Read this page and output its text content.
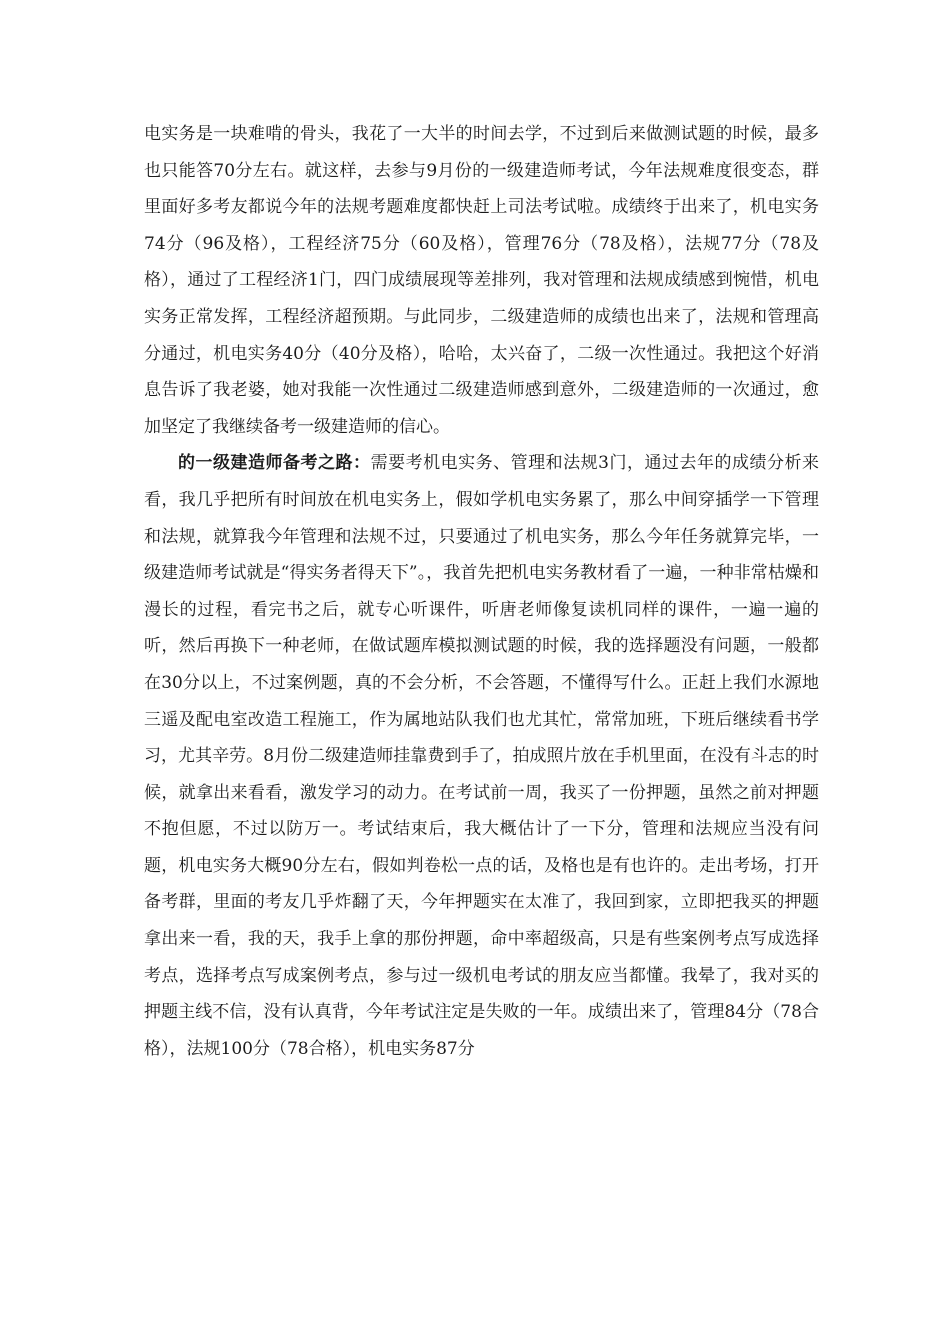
电实务是一块难啃的骨头，我花了一大半的时间去学，不过到后来做测试题的时候，最多也只能答70分左右。就这样，去参与9月份的一级建造师考试，今年法规难度很变态，群里面好多考友都说今年的法规考题难度都快赶上司法考试啦。成绩终于出来了，机电实务74分（96及格），工程经济75分（60及格），管理76分（78及格），法规77分（78及格），通过了工程经济1门，四门成绩展现等差排列，我对管理和法规成绩感到惋惜，机电实务正常发挥，工程经济超预期。与此同步，二级建造师的成绩也出来了，法规和管理高分通过，机电实务40分（40分及格），哈哈，太兴奋了，二级一次性通过。我把这个好消息告诉了我老婆，她对我能一次性通过二级建造师感到意外，二级建造师的一次通过，愈加坚定了我继续备考一级建造师的信心。

的一级建造师备考之路：需要考机电实务、管理和法规3门，通过去年的成绩分析来看，我几乎把所有时间放在机电实务上，假如学机电实务累了，那么中间穿插学一下管理和法规，就算我今年管理和法规不过，只要通过了机电实务，那么今年任务就算完毕，一级建造师考试就是“得实务者得天下”。，我首先把机电实务教材看了一遍，一种非常枯燥和漫长的过程，看完书之后，就专心听课件，听唐老师像复读机同样的课件，一遍一遍的听，然后再换下一种老师，在做试题库模拟测试题的时候，我的选择题没有问题，一般都在30分以上，不过案例题，真的不会分析，不会答题，不懂得写什么。正赶上我们水源地三遥及配电室改造工程施工，作为属地站队我们也尤其忙，常常加班，下班后继续看书学习，尤其辛劳。8月份二级建造师挂靠费到手了，拍成照片放在手机里面，在没有斗志的时候，就拿出来看看，激发学习的动力。在考试前一周，我买了一份押题，虽然之前对押题不抱但愿，不过以防万一。考试结束后，我大概估计了一下分，管理和法规应当没有问题，机电实务大概90分左右，假如判卷松一点的话，及格也是有也许的。走出考场，打开备考群，里面的考友几乎炸翻了天，今年押题实在太准了，我回到家，立即把我买的押题拿出来一看，我的天，我手上拿的那份押题，命中率超级高，只是有些案例考点写成选择考点，选择考点写成案例考点，参与过一级机电考试的朋友应当都懂。我晕了，我对买的押题主线不信，没有认真背，今年考试注定是失败的一年。成绩出来了，管理84分（78合格），法规100分（78合格），机电实务87分
